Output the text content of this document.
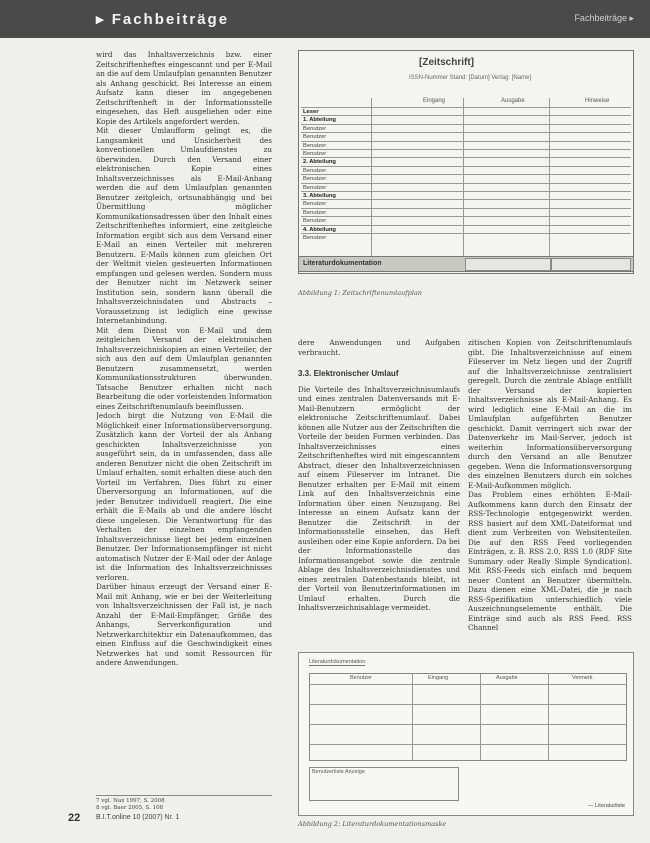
▸ Fachbeiträge	Fachbeiträge ▸

wird das Inhaltsverzeichnis bzw. einer Zeitschriftenheftes eingescannt und per E-Mail an die auf dem Umlaufplan genannten Benutzer als Anhang geschickt. Bei Interesse an einem Aufsatz kann dieser im angegebenen Zeitschriftenheft in der Informationsstelle eingesehen, das Heft ausgeliehen oder eine Kopie des Artikels angefordert werden.

Mit dieser Umlaufform gelingt es, die Langsamkeit und Unsicherheit des konventionellen Umlaufdienstes zu überwinden. Durch den Versand einer elektronischen Kopie eines Inhaltsverzeichnisses als E-Mail-Anhang werden die auf dem Umlaufplan genannten Benutzer zeitgleich, ortsunabhängig und bei Übermittlung möglicher Kommunikationsadressen über den Inhalt eines Zeitschriftenheftes informiert, eine zeitgleiche Information ergibt sich aus dem Versand einer E-Mail an einen Verteiler mit mehreren Benutzern. E-Mails können zum gleichen Ort der Weltmit vielen gesteuerten Informationen empfangen und gelesen werden. Sondern muss der Benutzer nicht im Netzwerk seiner Institution sein, sondern kann überall die Inhaltsverzeichnisdaten und Abstracts – Voraussetzung ist lediglich eine gewisse Internetanbindung.

Mit dem Dienst von E-Mail und dem zeitgleichen Versand der elektronischen Inhaltsverzeichniskopien an einen Verteiler, der sich aus den auf dem Umlaufplan genannten Benutzern zusammensetzt, werden Kommunikationsstrukturen überwunden. Tatsache Benutzer erhalten nicht nach Bearbeitung die oder vorleistenden Information eines Zeitschriftenumlaufs beeinflussen.

Jedoch birgt die Nutzung von E-Mail die Möglichkeit einer Informationsüberversorgung. Zusätzlich kann der Vorteil der als Anhang geschickten Inhaltsverzeichnisse yon ausgeführt sein, da in umfassenden, dass alle anderen Benutzer nicht die oben Zeitschrift im Umlauf erhalten, somit erhalten diese auch den Vorteil im Verfahren. Dies führt zu einer Überversorgung an Informationen, auf die jeder Benutzer individuell reagiert. Die eine erhält die E-Mails ab und die andere löscht diese ungelesen. Die Verantwortung für das Verhalten der einzelnen empfangenden Inhaltsverzeichnisse liegt bei jedem einzelnen Benutzer. Der Informationsempfänger ist nicht automatisch Nutzer der E-Mail oder der Anlage ist die Information des Inhaltsverzeichnisses verloren.

Darüber hinaus erzeugt der Versand einer E-Mail mit Anhang, wie er bei der Weiterleitung von Inhaltsverzeichnissen der Fall ist, je nach Anzahl der E-Mail-Empfänger, Größe des Anhangs, Serverkonfiguration und Netzwerkarchitektur ein Datenaufkommen, das einen Einfluss auf die Geschwindigkeit eines Netzwerkes hat und somit Ressourcen für andere Anwendungen.

[Zeitschrift]
ISSN-Nummer Stand: [Datum] Verlag: [Name]
Eingang	Ausgabe	Hinweise
Leser
1. Abteilung
Benutzer
Benutzer
Benutzer
Benutzer
2. Abteilung
Benutzer
Benutzer
Benutzer
3. Abteilung
Benutzer
Benutzer
Benutzer
4. Abteilung
Benutzer
Literaturdokumentation
Abbildung 1: Zeitschriftenumlaufplan

dere Anwendungen und Aufgaben verbraucht.

3.3. Elektronischer Umlauf

Die Vorteile des Inhaltsverzeichnisumlaufs und eines zentralen Datenversands mit E-Mail-Benutzern ermöglicht der elektronische Zeitschriftenumlauf. Dabei können alle Nutzer aus der Zeitschriften die Vorteile der beiden Formen verbinden. Das Inhaltsverzeichnisses eines Zeitschriftenheftes wird mit eingescanntem Abstract, dieser den Inhaltsverzeichnissen auf einem Fileserver im Intranet. Die Benutzer erhalten per E-Mail mit einem Link auf den Inhaltsverzeichnis eine Information über einen Neuzugang. Bei Interesse an einem Aufsatz kann der Benutzer die Zeitschrift in der Informationsstelle einsehen, das Heft ausleihen oder eine Kopie anfordern. Da bei der Informationsstelle das Informationsangebot sowie die zentrale Ablage des Inhaltsverzeichnisdienstes und eines zentralen Datenbestands bleibt, ist der Vorteil von Benutzerinformationen im Umlauf erhalten. Durch die Inhaltsverzeichnisablage vermeidet.

zitischen Kopien von Zeitschriftenumlaufs gibt. Die Inhaltsverzeichnisse auf einem Fileserver im Netz liegen und der Zugriff auf die Inhaltsverzeichnisse zentralisiert geregelt. Durch die zentrale Ablage entfällt der Versand der kopierten Inhaltsverzeichnisse als E-Mail-Anhang. Es wird lediglich eine E-Mail an die im Umlaufplan aufgeführten Benutzer geschickt. Damit verringert sich zwar der Datenverkehr im Mail-Server, jedoch ist weiterhin Informationsüberversorgung durch den Versand an alle Benutzer gegeben. Wenn die Informationsversorgung des einzelnen Benutzers durch ein solches E-Mail-Aufkommen möglich.

Das Problem eines erhöhten E-Mail-Aufkommens kann durch den Einsatz der RSS-Technologie entgegenwirkt werden. RSS basiert auf dem XML-Dateiformat und dient zum Verbreiten von Websitenteilen. Die auf den RSS Feed vorliegenden Einträgen, z. B. RSS 2.0, RSS 1.0 (RDF Site Summary oder Really Simple Syndication). Mit RSS-Feeds sich einfach und bequem neuer Content an Benutzer übermitteln. Dazu dienen eine XML-Datei, die je nach RSS-Spezifikation unterschiedlich viele Auszeichnungselemente enthält. Die Einträge sind auch als RSS Feed. RSS Channel

Literaturdokumentation
Benutzer	Eingang	Ausgabe	Vermerk
Benutzerliste Anzeige
— Literaturliste
Abbildung 2: Literaturdokumentationsmaske
7 vgl. Nax 1997, S. 2008
8 vgl. Baer 2005, S. 108
22 B.I.T.online 10 (2007) Nr. 1
